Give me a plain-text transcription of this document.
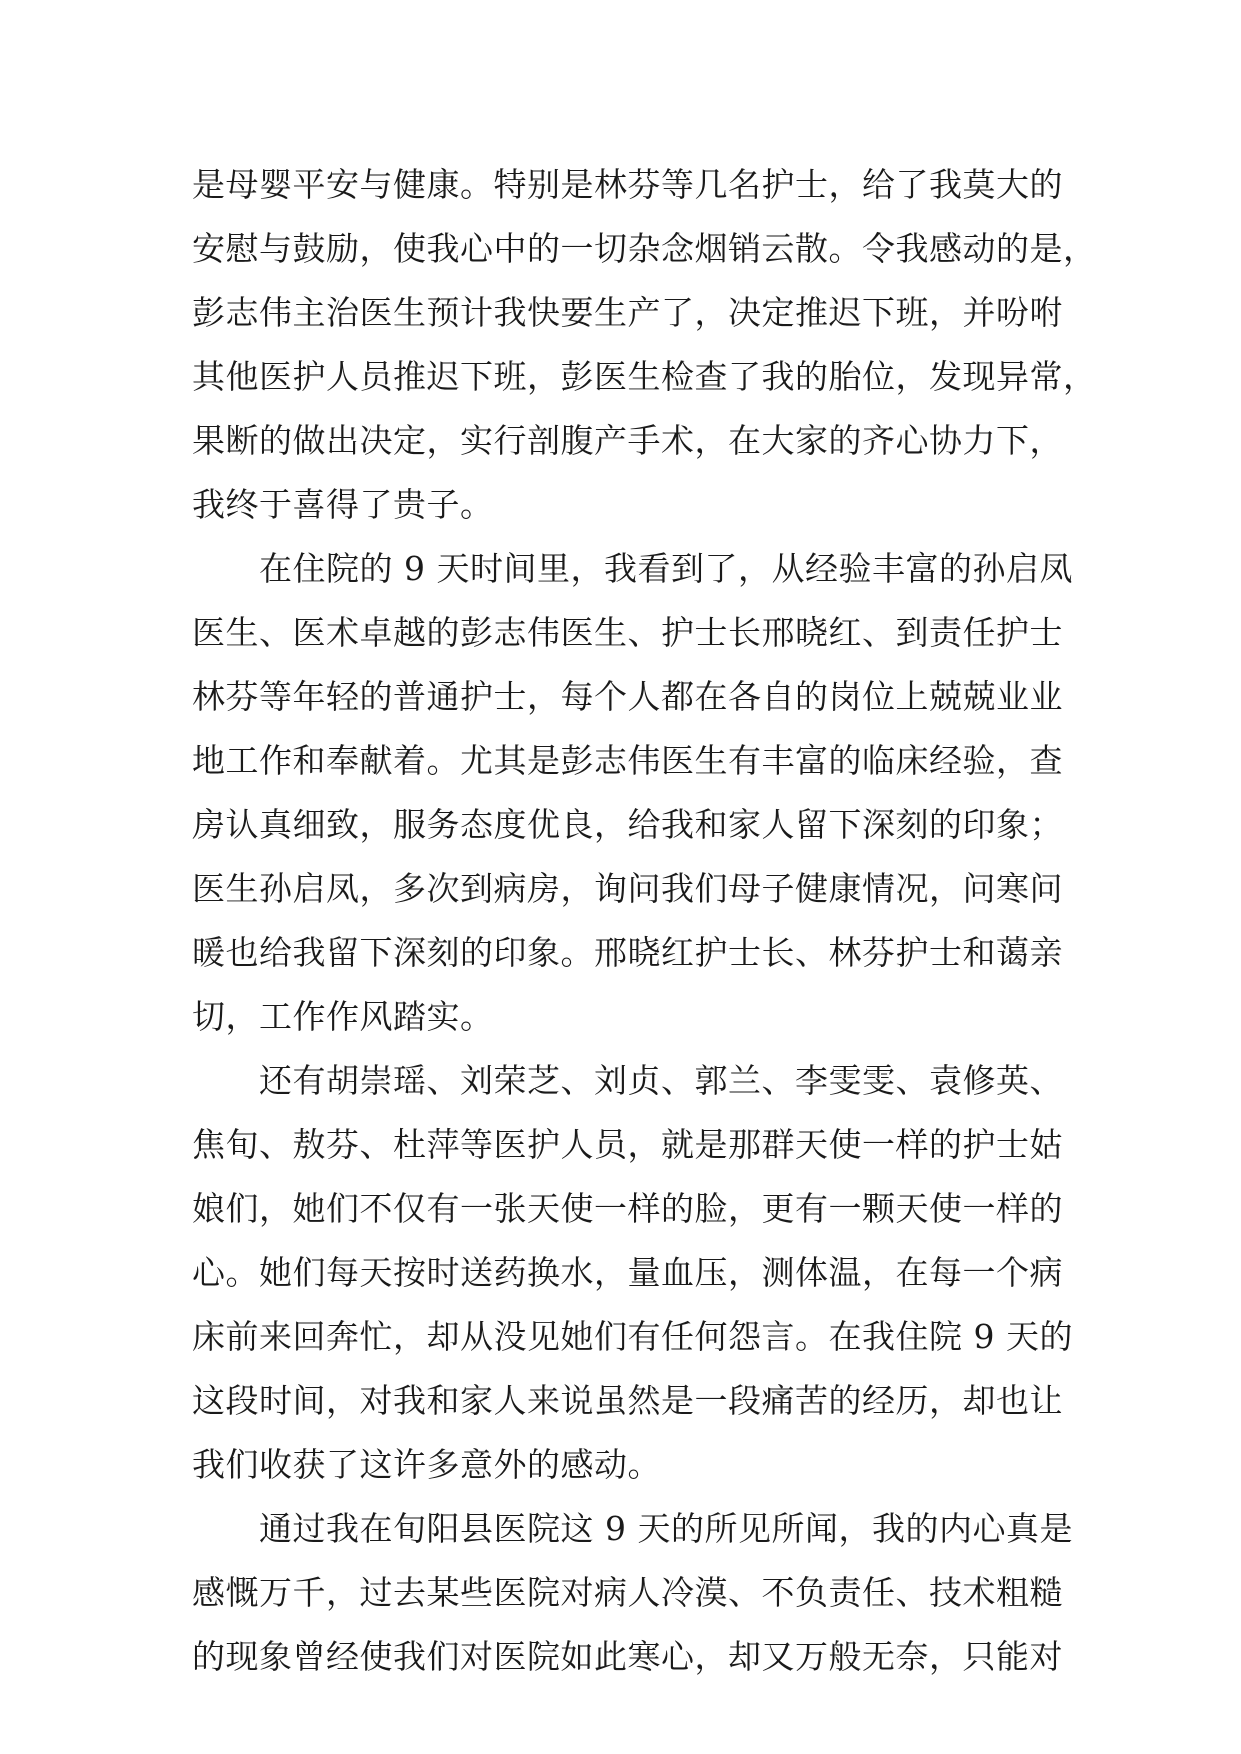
是母婴平安与健康。特别是林芬等几名护士，给了我莫大的
安慰与鼓励，使我心中的一切杂念烟销云散。令我感动的是，
彭志伟主治医生预计我快要生产了，决定推迟下班，并吩咐
其他医护人员推迟下班，彭医生检查了我的胎位，发现异常，
果断的做出决定，实行剖腹产手术，在大家的齐心协力下，
我终于喜得了贵子。
　　在住院的 9 天时间里，我看到了，从经验丰富的孙启凤
医生、医术卓越的彭志伟医生、护士长邢晓红、到责任护士
林芬等年轻的普通护士，每个人都在各自的岗位上兢兢业业
地工作和奉献着。尤其是彭志伟医生有丰富的临床经验，查
房认真细致，服务态度优良，给我和家人留下深刻的印象；
医生孙启凤，多次到病房，询问我们母子健康情况，问寒问
暖也给我留下深刻的印象。邢晓红护士长、林芬护士和蔼亲
切，工作作风踏实。
　　还有胡崇瑶、刘荣芝、刘贞、郭兰、李雯雯、袁修英、
焦旬、敖芬、杜萍等医护人员，就是那群天使一样的护士姑
娘们，她们不仅有一张天使一样的脸，更有一颗天使一样的
心。她们每天按时送药换水，量血压，测体温，在每一个病
床前来回奔忙，却从没见她们有任何怨言。在我住院 9 天的
这段时间，对我和家人来说虽然是一段痛苦的经历，却也让
我们收获了这许多意外的感动。
　　通过我在旬阳县医院这 9 天的所见所闻，我的内心真是
感慨万千，过去某些医院对病人冷漠、不负责任、技术粗糙
的现象曾经使我们对医院如此寒心，却又万般无奈，只能对
